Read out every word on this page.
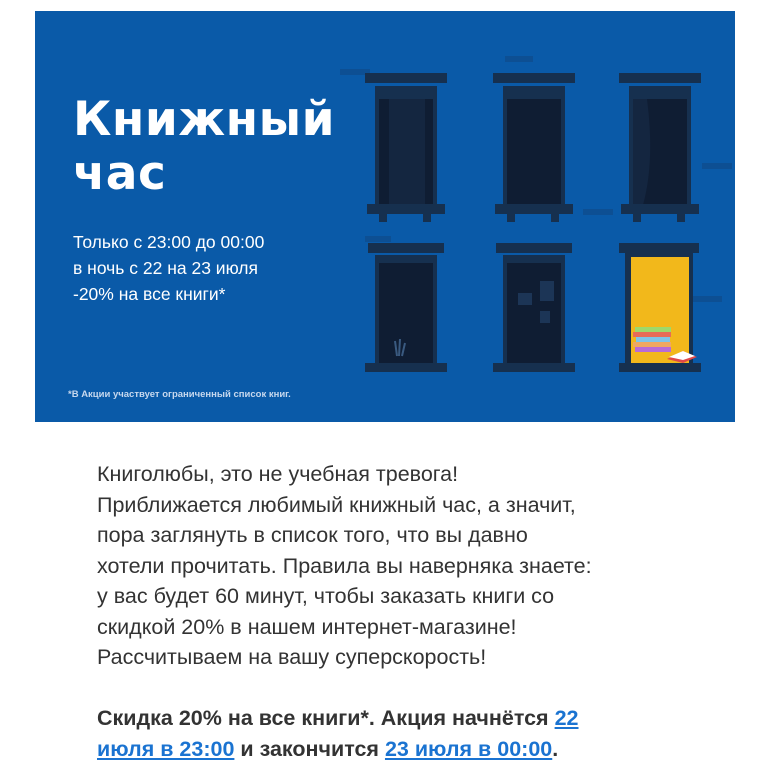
Книжный
час
Только с 23:00 до 00:00
в ночь с 22 на 23 июля
-20% на все книги*
*В Акции участвует ограниченный список книг.
Книголюбы, это не учебная тревога!
Приближается любимый книжный час, а значит,
пора заглянуть в список того, что вы давно
хотели прочитать. Правила вы наверняка знаете:
у вас будет 60 минут, чтобы заказать книги со
скидкой 20% в нашем интернет-магазине!
Рассчитываем на вашу суперскорость!
Скидка 20% на все книги*. Акция начнётся 22
июля в 23:00 и закончится 23 июля в 00:00.
